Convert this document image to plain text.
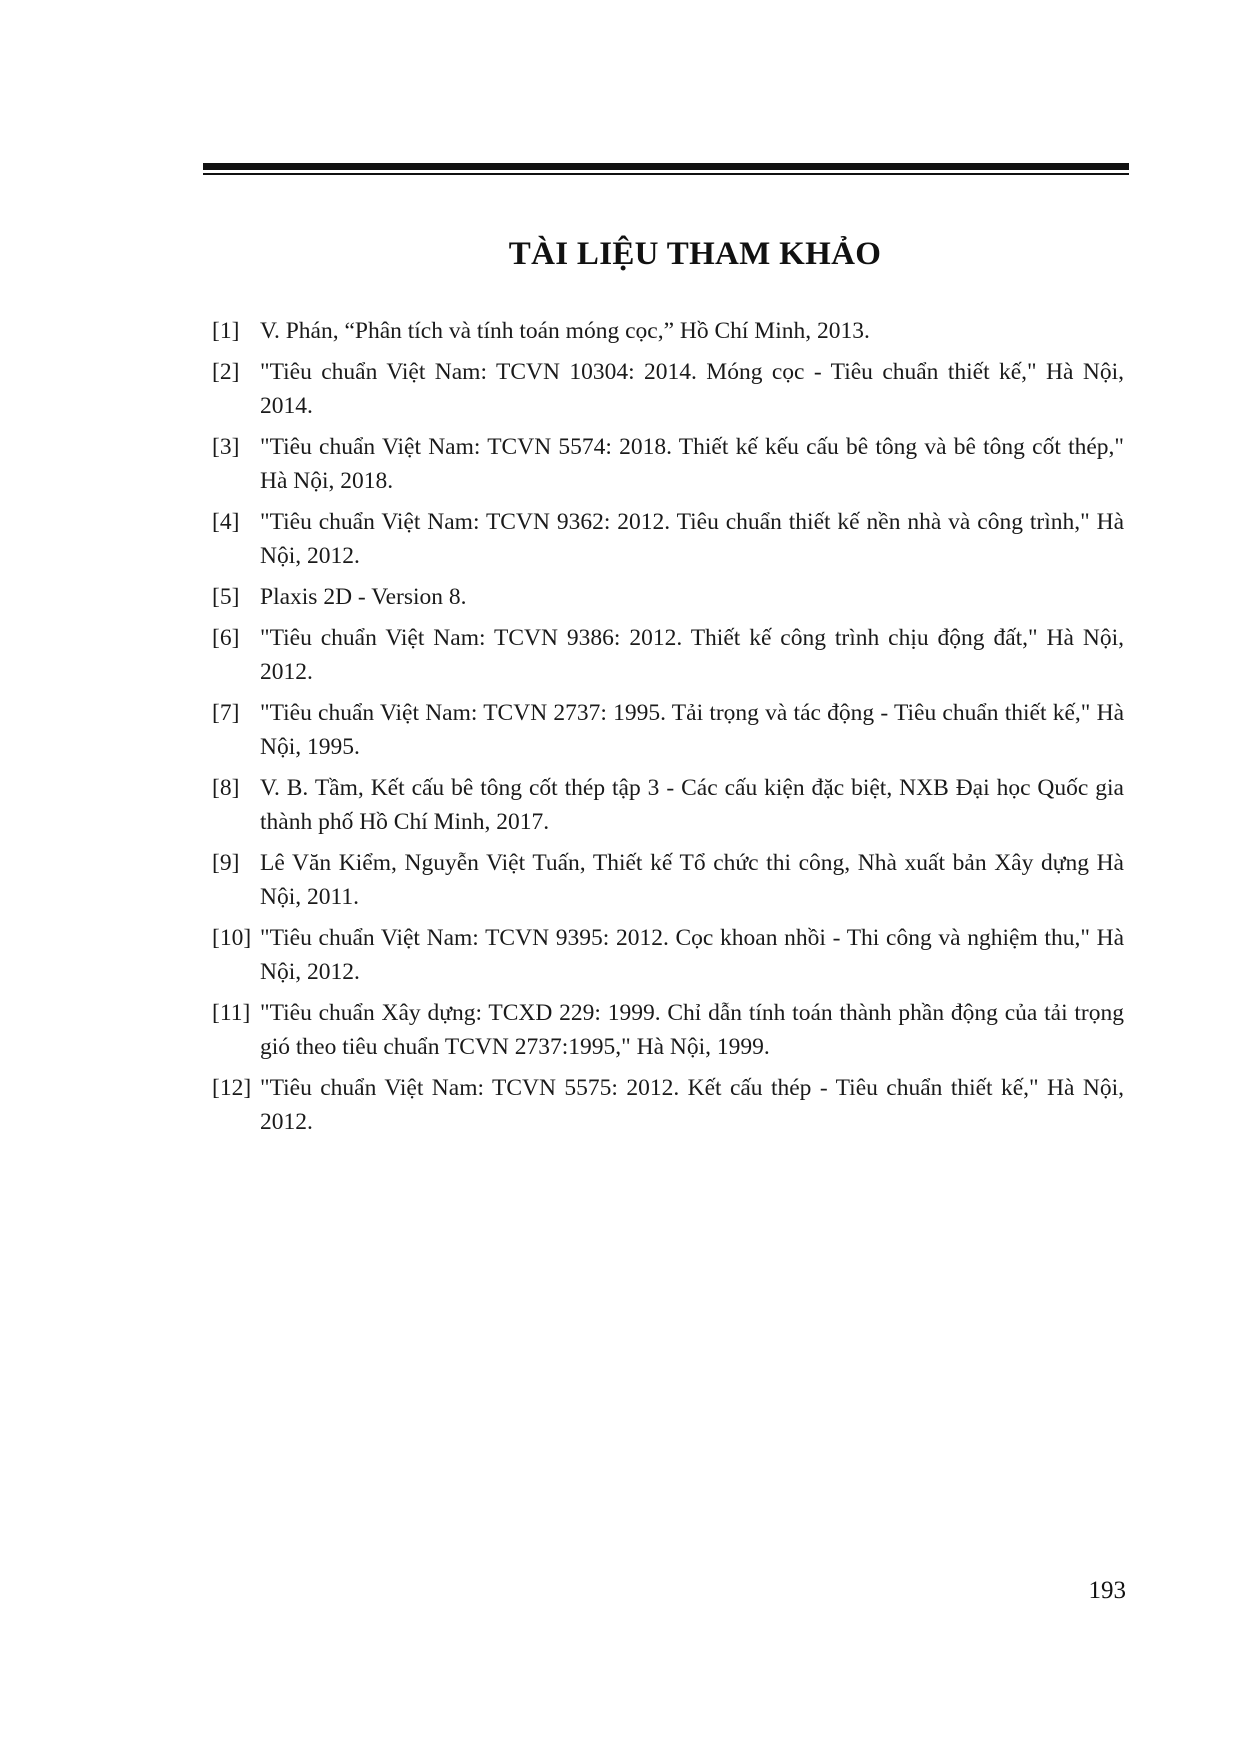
TÀI LIỆU THAM KHẢO
[1] V. Phán, “Phân tích và tính toán móng cọc,” Hồ Chí Minh, 2013.
[2] "Tiêu chuẩn Việt Nam: TCVN 10304: 2014. Móng cọc - Tiêu chuẩn thiết kế," Hà Nội, 2014.
[3] "Tiêu chuẩn Việt Nam: TCVN 5574: 2018. Thiết kế kếu cấu bê tông và bê tông cốt thép," Hà Nội, 2018.
[4] "Tiêu chuẩn Việt Nam: TCVN 9362: 2012. Tiêu chuẩn thiết kế nền nhà và công trình," Hà Nội, 2012.
[5] Plaxis 2D - Version 8.
[6] "Tiêu chuẩn Việt Nam: TCVN 9386: 2012. Thiết kế công trình chịu động đất," Hà Nội, 2012.
[7] "Tiêu chuẩn Việt Nam: TCVN 2737: 1995. Tải trọng và tác động - Tiêu chuẩn thiết kế," Hà Nội, 1995.
[8] V. B. Tầm, Kết cấu bê tông cốt thép tập 3 - Các cấu kiện đặc biệt, NXB Đại học Quốc gia thành phố Hồ Chí Minh, 2017.
[9] Lê Văn Kiểm, Nguyễn Việt Tuấn, Thiết kế Tổ chức thi công, Nhà xuất bản Xây dựng Hà Nội, 2011.
[10] "Tiêu chuẩn Việt Nam: TCVN 9395: 2012. Cọc khoan nhồi - Thi công và nghiệm thu," Hà Nội, 2012.
[11] "Tiêu chuẩn Xây dựng: TCXD 229: 1999. Chỉ dẫn tính toán thành phần động của tải trọng gió theo tiêu chuẩn TCVN 2737:1995," Hà Nội, 1999.
[12] "Tiêu chuẩn Việt Nam: TCVN 5575: 2012. Kết cấu thép - Tiêu chuẩn thiết kế," Hà Nội, 2012.
193
